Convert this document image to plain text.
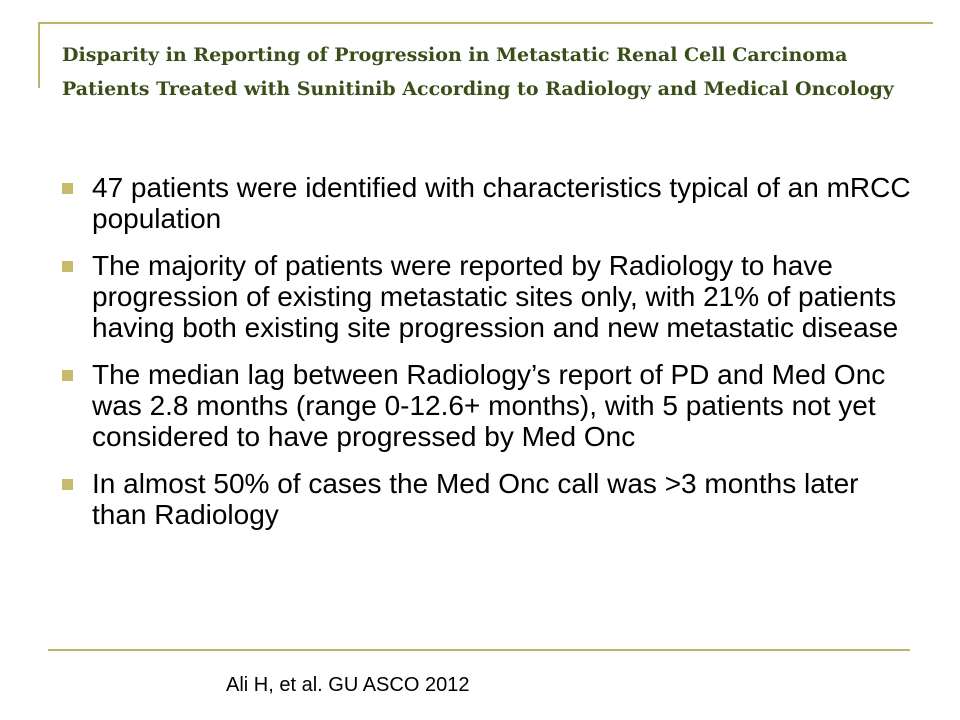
Disparity in Reporting of Progression in Metastatic Renal Cell Carcinoma Patients Treated with Sunitinib According to Radiology and Medical Oncology
47 patients were identified with characteristics typical of an mRCC population
The majority of patients were reported by Radiology to have progression of existing metastatic sites only, with 21% of patients having both existing site progression and new metastatic disease
The median lag between Radiology’s report of PD and Med Onc was 2.8 months (range 0-12.6+ months), with 5 patients not yet considered to have progressed by Med Onc
In almost 50% of cases the Med Onc call was >3 months later than Radiology

Ali H, et al. GU ASCO 2012
